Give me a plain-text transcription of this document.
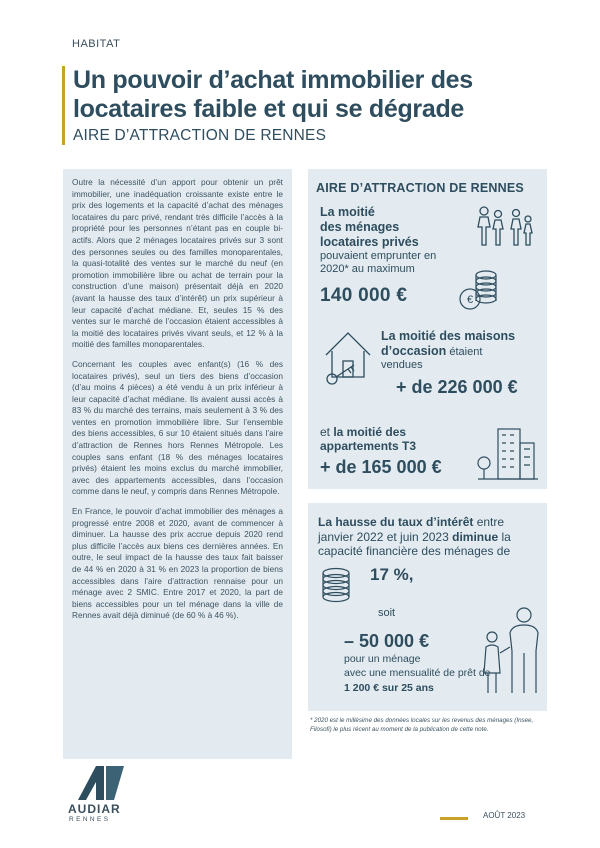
HABITAT
Un pouvoir d’achat immobilier des
locataires faible et qui se dégrade
AIRE D’ATTRACTION DE RENNES

Outre la nécessité d’un apport pour obtenir un prêt immobilier, une inadéquation croissante existe entre le prix des logements et la capacité d’achat des ménages locataires du parc privé, rendant très difficile l’accès à la propriété pour les personnes n’étant pas en couple bi-actifs. Alors que 2 ménages locataires privés sur 3 sont des personnes seules ou des familles monoparentales, la quasi-totalité des ventes sur le marché du neuf (en promotion immobilière libre ou achat de terrain pour la construction d’une maison) présentait déjà en 2020 (avant la hausse des taux d’intérêt) un prix supérieur à leur capacité d’achat médiane. Et, seules 15 % des ventes sur le marché de l’occasion étaient accessibles à la moitié des locataires privés vivant seuls, et 12 % à la moitié des familles monoparentales.

Concernant les couples avec enfant(s) (16 % des locataires privés), seul un tiers des biens d’occasion (d’au moins 4 pièces) a été vendu à un prix inférieur à leur capacité d’achat médiane. Ils avaient aussi accès à 83 % du marché des terrains, mais seulement à 3 % des ventes en promotion immobilière libre. Sur l’ensemble des biens accessibles, 6 sur 10 étaient situés dans l’aire d’attraction de Rennes hors Rennes Métropole. Les couples sans enfant (18 % des ménages locataires privés) étaient les moins exclus du marché immobilier, avec des appartements accessibles, dans l’occasion comme dans le neuf, y compris dans Rennes Métropole.

En France, le pouvoir d’achat immobilier des ménages a progressé entre 2008 et 2020, avant de commencer à diminuer. La hausse des prix accrue depuis 2020 rend plus difficile l’accès aux biens ces dernières années. En outre, le seul impact de la hausse des taux fait baisser de 44 % en 2020 à 31 % en 2023 la proportion de biens accessibles dans l’aire d’attraction rennaise pour un ménage avec 2 SMIC. Entre 2017 et 2020, la part de biens accessibles pour un tel ménage dans la ville de Rennes avait déjà diminué (de 60 % à 46 %).

AIRE D’ATTRACTION DE RENNES
La moitié
des ménages
locataires privés
pouvaient emprunter en
2020* au maximum
140 000 €	€
La moitié des maisons
d’occasion étaient
vendues
+ de 226 000 €
et la moitié des
appartements T3
+ de 165 000 €
La hausse du taux d’intérêt entre
janvier 2022 et juin 2023 diminue la
capacité financière des ménages de
17 %,
soit
– 50 000 €
pour un ménage
avec une mensualité de prêt de
1 200 € sur 25 ans
* 2020 est le millésime des données locales sur les revenus des ménages (Insee, Filosofi) le plus récent au moment de la publication de cette note.
AUDIAR
RENNES	AOÛT 2023
